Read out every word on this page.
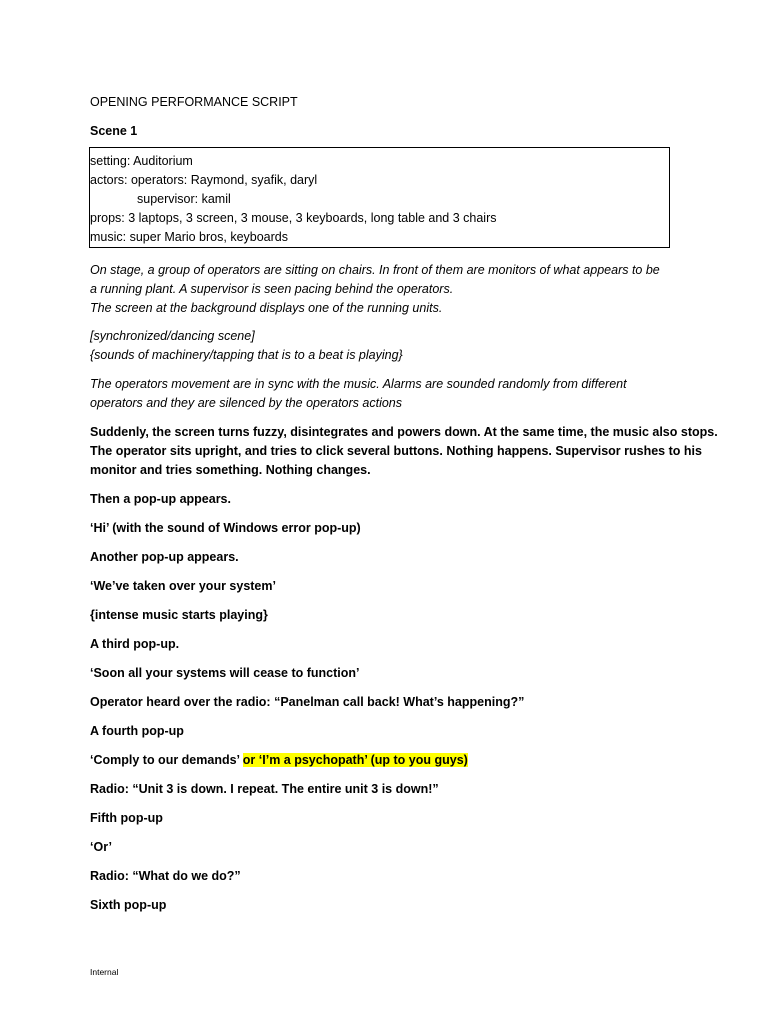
OPENING PERFORMANCE SCRIPT
Scene 1
setting: Auditorium
actors: operators: Raymond, syafik, daryl
supervisor: kamil
props: 3 laptops, 3 screen, 3 mouse, 3 keyboards, long table and 3 chairs
music: super Mario bros, keyboards
On stage, a group of operators are sitting on chairs. In front of them are monitors of what appears to be
a running plant. A supervisor is seen pacing behind the operators.
The screen at the background displays one of the running units.
[synchronized/dancing scene]
{sounds of machinery/tapping that is to a beat is playing}
The operators movement are in sync with the music. Alarms are sounded randomly from different
operators and they are silenced by the operators actions
Suddenly, the screen turns fuzzy, disintegrates and powers down. At the same time, the music also stops.
The operator sits upright, and tries to click several buttons. Nothing happens. Supervisor rushes to his
monitor and tries something. Nothing changes.
Then a pop-up appears.
‘Hi’ (with the sound of Windows error pop-up)
Another pop-up appears.
‘We’ve taken over your system’
{intense music starts playing}
A third pop-up.
‘Soon all your systems will cease to function’
Operator heard over the radio: “Panelman call back! What’s happening?”
A fourth pop-up
‘Comply to our demands’ or ‘I’m a psychopath’ (up to you guys)
Radio: “Unit 3 is down. I repeat. The entire unit 3 is down!”
Fifth pop-up
‘Or’
Radio: “What do we do?”
Sixth pop-up
Internal
